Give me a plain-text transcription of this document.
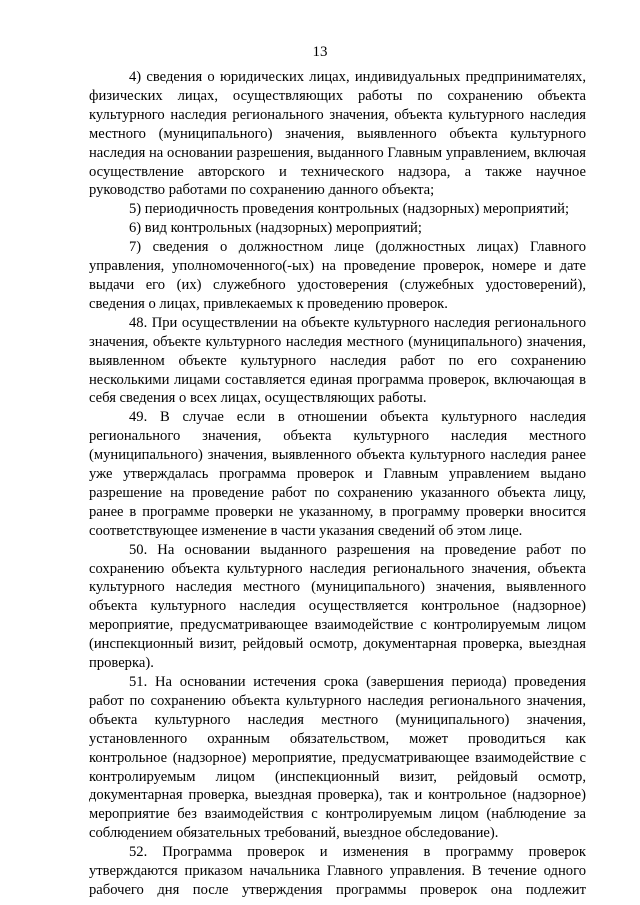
13

4) сведения о юридических лицах, индивидуальных предпринимателях, физических лицах, осуществляющих работы по сохранению объекта культурного наследия регионального значения, объекта культурного наследия местного (муниципального) значения, выявленного объекта культурного наследия на основании разрешения, выданного Главным управлением, включая осуществление авторского и технического надзора, а также научное руководство работами по сохранению данного объекта;

5) периодичность проведения контрольных (надзорных) мероприятий;

6) вид контрольных (надзорных) мероприятий;

7) сведения о должностном лице (должностных лицах) Главного управления, уполномоченного(-ых) на проведение проверок, номере и дате выдачи его (их) служебного удостоверения (служебных удостоверений), сведения о лицах, привлекаемых к проведению проверок.

48. При осуществлении на объекте культурного наследия регионального значения, объекте культурного наследия местного (муниципального) значения, выявленном объекте культурного наследия работ по его сохранению несколькими лицами составляется единая программа проверок, включающая в себя сведения о всех лицах, осуществляющих работы.

49. В случае если в отношении объекта культурного наследия регионального значения, объекта культурного наследия местного (муниципального) значения, выявленного объекта культурного наследия ранее уже утверждалась программа проверок и Главным управлением выдано разрешение на проведение работ по сохранению указанного объекта лицу, ранее в программе проверки не указанному, в программу проверки вносится соответствующее изменение в части указания сведений об этом лице.

50. На основании выданного разрешения на проведение работ по сохранению объекта культурного наследия регионального значения, объекта культурного наследия местного (муниципального) значения, выявленного объекта культурного наследия осуществляется контрольное (надзорное) мероприятие, предусматривающее взаимодействие с контролируемым лицом (инспекционный визит, рейдовый осмотр, документарная проверка, выездная проверка).

51. На основании истечения срока (завершения периода) проведения работ по сохранению объекта культурного наследия регионального значения, объекта культурного наследия местного (муниципального) значения, установленного охранным обязательством, может проводиться как контрольное (надзорное) мероприятие, предусматривающее взаимодействие с контролируемым лицом (инспекционный визит, рейдовый осмотр, документарная проверка, выездная проверка), так и контрольное (надзорное) мероприятие без взаимодействия с контролируемым лицом (наблюдение за соблюдением обязательных требований, выездное обследование).

52. Программа проверок и изменения в программу проверок утверждаются приказом начальника Главного управления. В течение одного рабочего дня после утверждения программы проверок она подлежит
